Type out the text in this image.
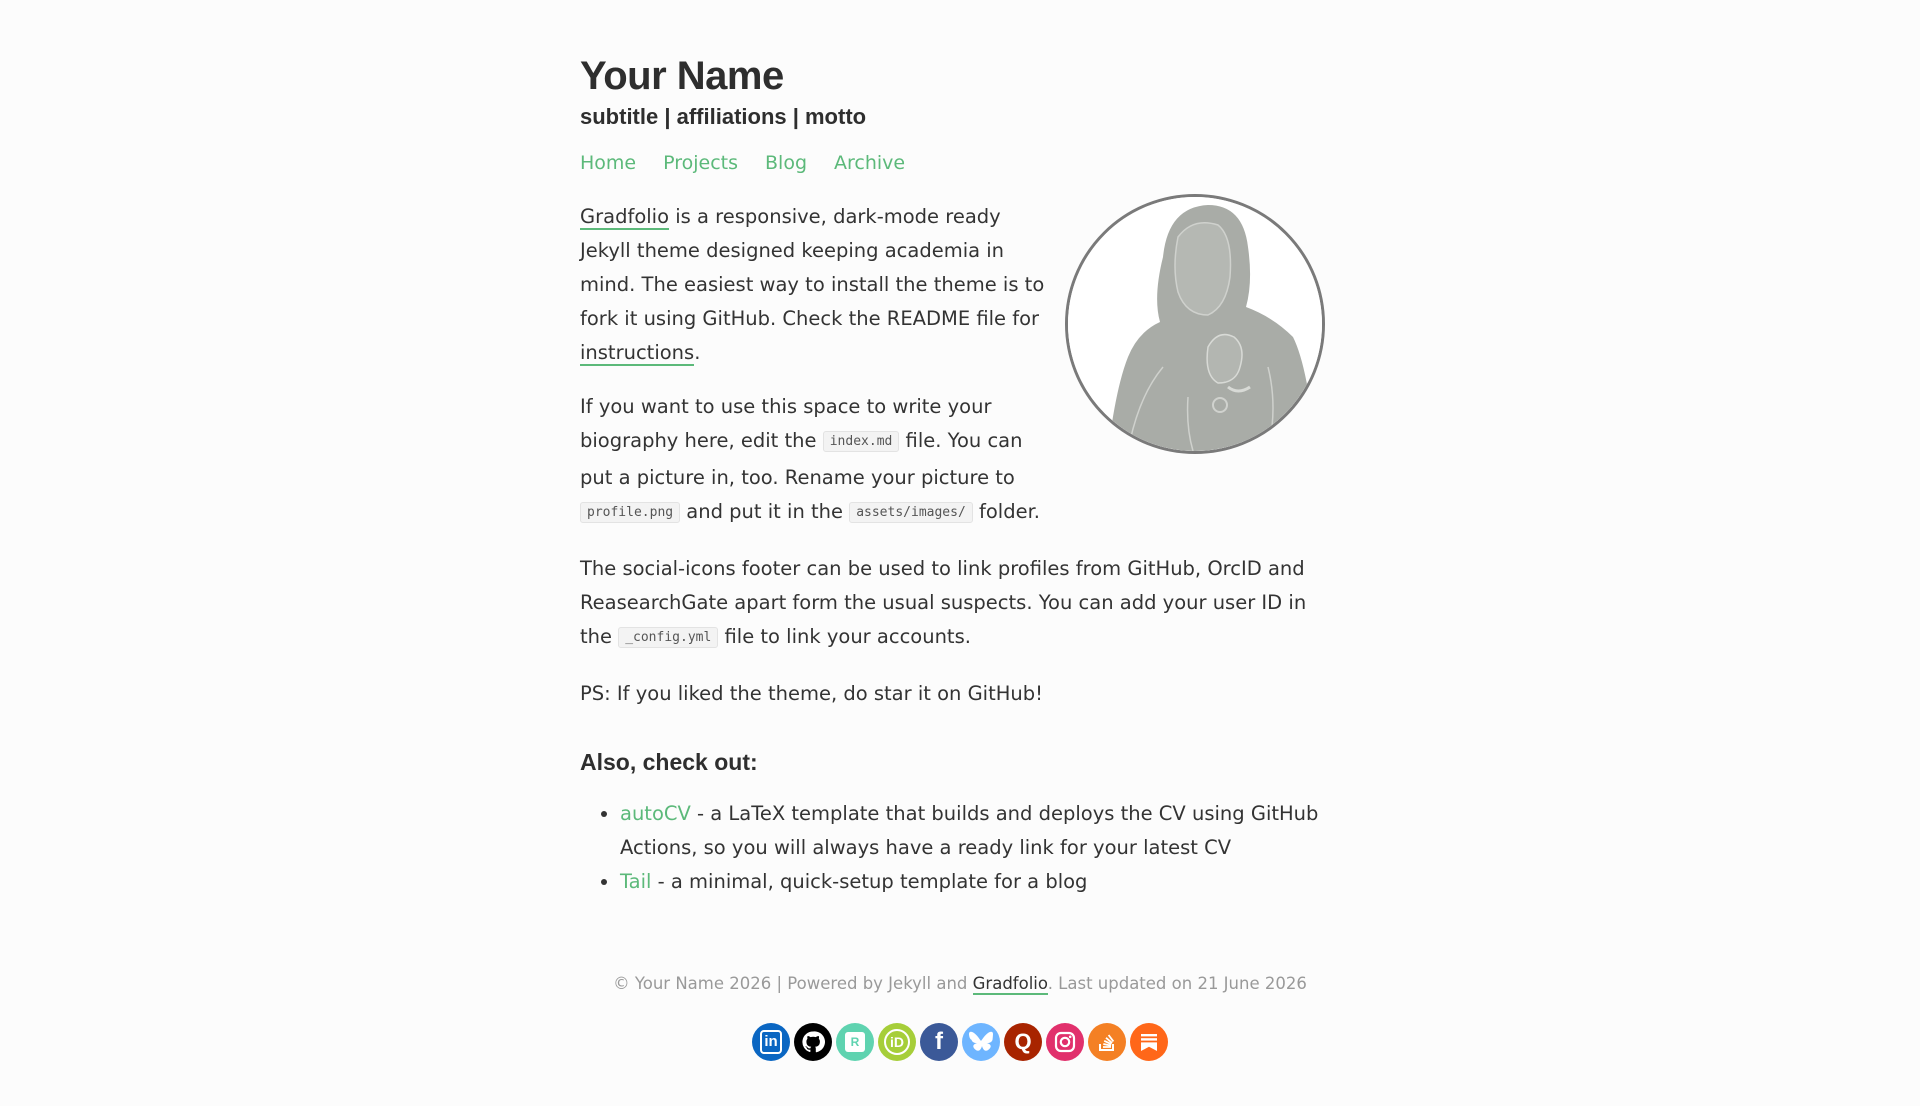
Your Name
subtitle | affiliations | motto
Home Projects Blog Archive

Gradfolio is a responsive, dark-mode ready Jekyll theme designed keeping academia in mind. The easiest way to install the theme is to fork it using GitHub. Check the README file for instructions.

If you want to use this space to write your biography here, edit the index.md file. You can put a picture in, too. Rename your picture to profile.png and put it in the assets/images/ folder.

The social-icons footer can be used to link profiles from GitHub, OrcID and ReasearchGate apart form the usual suspects. You can add your user ID in the _config.yml file to link your accounts.

PS: If you liked the theme, do star it on GitHub!

Also, check out:
• autoCV - a LaTeX template that builds and deploys the CV using GitHub Actions, so you will always have a ready link for your latest CV
• Tail - a minimal, quick-setup template for a blog
© Your Name 2026 | Powered by Jekyll and Gradfolio. Last updated on 21 June 2026
in	R	iD f	Q
